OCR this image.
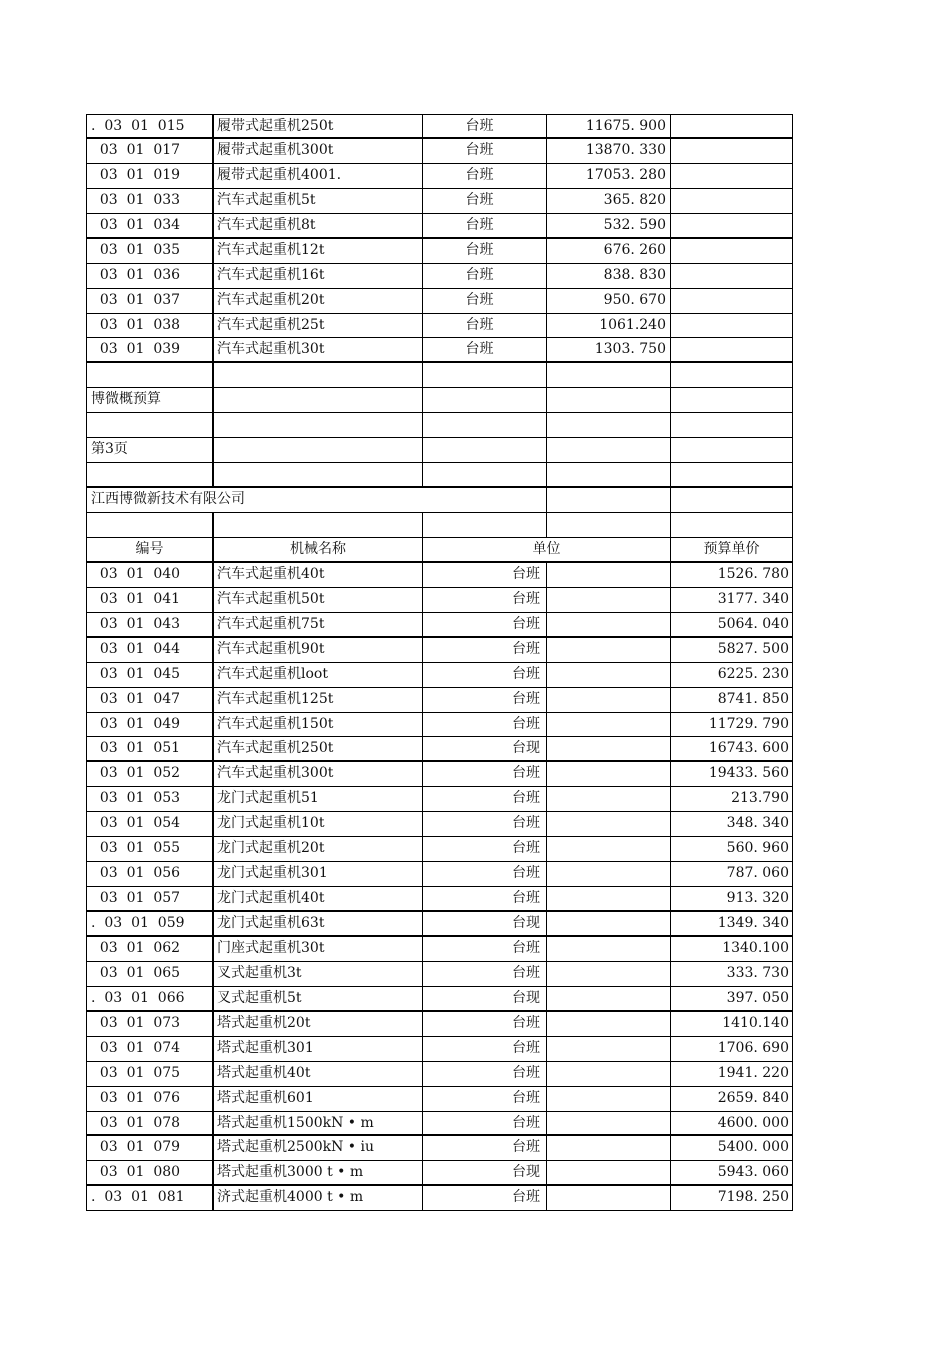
.  03  01  015	履带式起重机250t	台班	11675. 900
03  01  017	履带式起重机300t	台班	13870. 330
03  01  019	履带式起重机4001.	台班	17053. 280
03  01  033	汽车式起重机5t	台班	365. 820
03  01  034	汽车式起重机8t	台班	532. 590
03  01  035	汽车式起重机12t	台班	676. 260
03  01  036	汽车式起重机16t	台班	838. 830
03  01  037	汽车式起重机20t	台班	950. 670
03  01  038	汽车式起重机25t	台班	1061.240
03  01  039	汽车式起重机30t	台班	1303. 750
博微概预算
第3页
江西博微新技术有限公司
编号	机械名称	单位	预算单价
03  01  040	汽车式起重机40t	台班	1526. 780
03  01  041	汽车式起重机50t	台班	3177. 340
03  01  043	汽车式起重机75t	台班	5064. 040
03  01  044	汽车式起重机90t	台班	5827. 500
03  01  045	汽车式起重机loot	台班	6225. 230
03  01  047	汽车式起重机125t	台班	8741. 850
03  01  049	汽车式起重机150t	台班	11729. 790
03  01  051	汽车式起重机250t	台现	16743. 600
03  01  052	汽车式起重机300t	台班	19433. 560
03  01  053	龙门式起重机51	台班	213.790
03  01  054	龙门式起重机10t	台班	348. 340
03  01  055	龙门式起重机20t	台班	560. 960
03  01  056	龙门式起重机301	台班	787. 060
03  01  057	龙门式起重机40t	台班	913. 320
.  03  01  059	龙门式起重机63t	台现	1349. 340
03  01  062	门座式起重机30t	台班	1340.100
03  01  065	叉式起重机3t	台班	333. 730
.  03  01  066	叉式起重机5t	台现	397. 050
03  01  073	塔式起重机20t	台班	1410.140
03  01  074	塔式起重机301	台班	1706. 690
03  01  075	塔式起重机40t	台班	1941. 220
03  01  076	塔式起重机601	台班	2659. 840
03  01  078	塔式起重机1500kN • m	台班	4600. 000
03  01  079	塔式起重机2500kN • iu	台班	5400. 000
03  01  080	塔式起重机3000 t • m	台现	5943. 060
.  03  01  081	济式起重机4000 t • m	台班	7198. 250
